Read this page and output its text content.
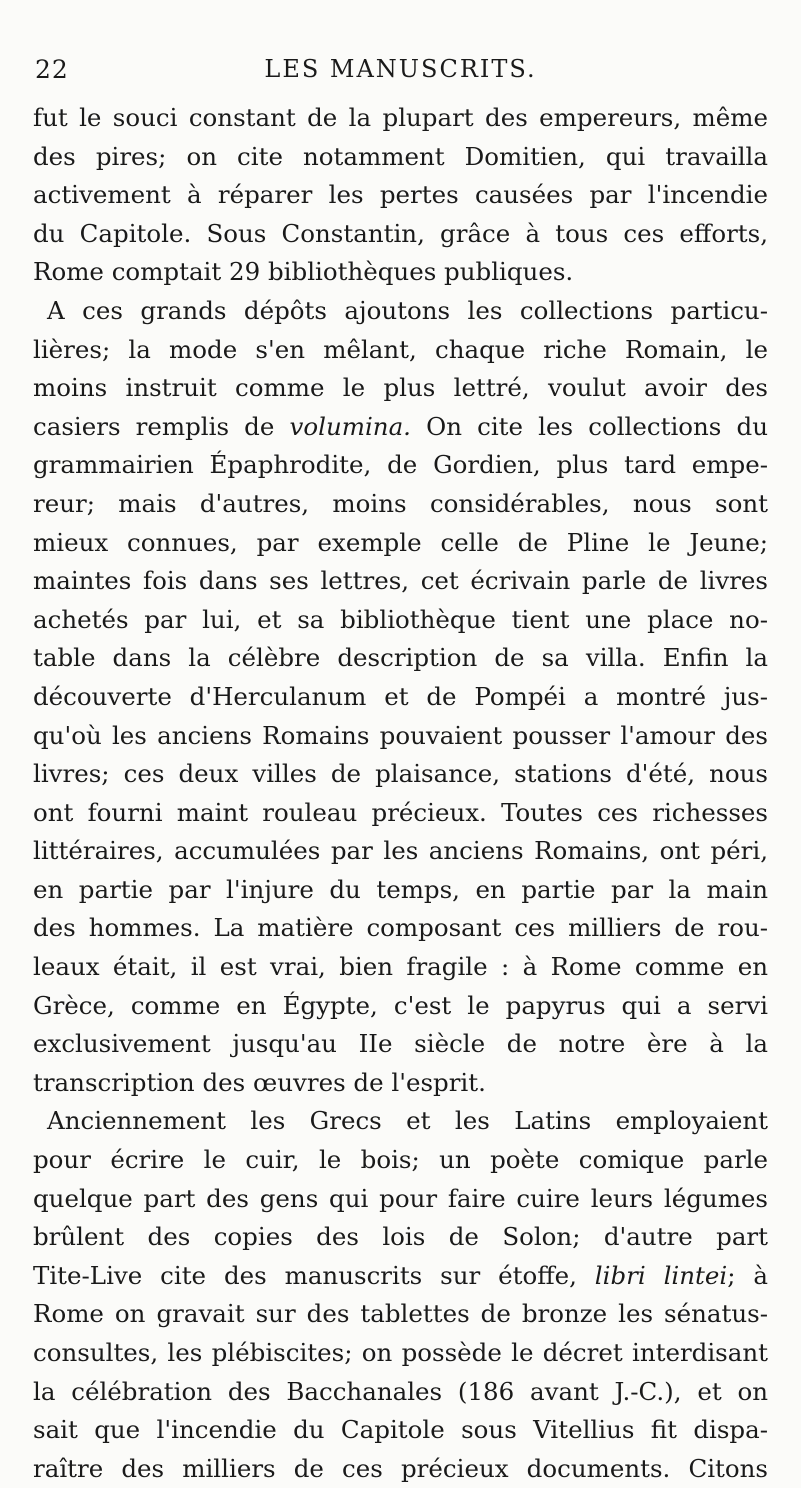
22	LES MANUSCRITS.
fut le souci constant de la plupart des empereurs, même
des pires; on cite notamment Domitien, qui travailla
activement à réparer les pertes causées par l'incendie
du Capitole. Sous Constantin, grâce à tous ces efforts,
Rome comptait 29 bibliothèques publiques.
A ces grands dépôts ajoutons les collections particu-
lières; la mode s'en mêlant, chaque riche Romain, le
moins instruit comme le plus lettré, voulut avoir des
casiers remplis de volumina. On cite les collections du
grammairien Épaphrodite, de Gordien, plus tard empe-
reur; mais d'autres, moins considérables, nous sont
mieux connues, par exemple celle de Pline le Jeune;
maintes fois dans ses lettres, cet écrivain parle de livres
achetés par lui, et sa bibliothèque tient une place no-
table dans la célèbre description de sa villa. Enfin la
découverte d'Herculanum et de Pompéi a montré jus-
qu'où les anciens Romains pouvaient pousser l'amour des
livres; ces deux villes de plaisance, stations d'été, nous
ont fourni maint rouleau précieux. Toutes ces richesses
littéraires, accumulées par les anciens Romains, ont péri,
en partie par l'injure du temps, en partie par la main
des hommes. La matière composant ces milliers de rou-
leaux était, il est vrai, bien fragile : à Rome comme en
Grèce, comme en Égypte, c'est le papyrus qui a servi
exclusivement jusqu'au IIe siècle de notre ère à la
transcription des œuvres de l'esprit.
Anciennement les Grecs et les Latins employaient
pour écrire le cuir, le bois; un poète comique parle
quelque part des gens qui pour faire cuire leurs légumes
brûlent des copies des lois de Solon; d'autre part
Tite-Live cite des manuscrits sur étoffe, libri lintei; à
Rome on gravait sur des tablettes de bronze les sénatus-
consultes, les plébiscites; on possède le décret interdisant
la célébration des Bacchanales (186 avant J.-C.), et on
sait que l'incendie du Capitole sous Vitellius fit dispa-
raître des milliers de ces précieux documents. Citons
